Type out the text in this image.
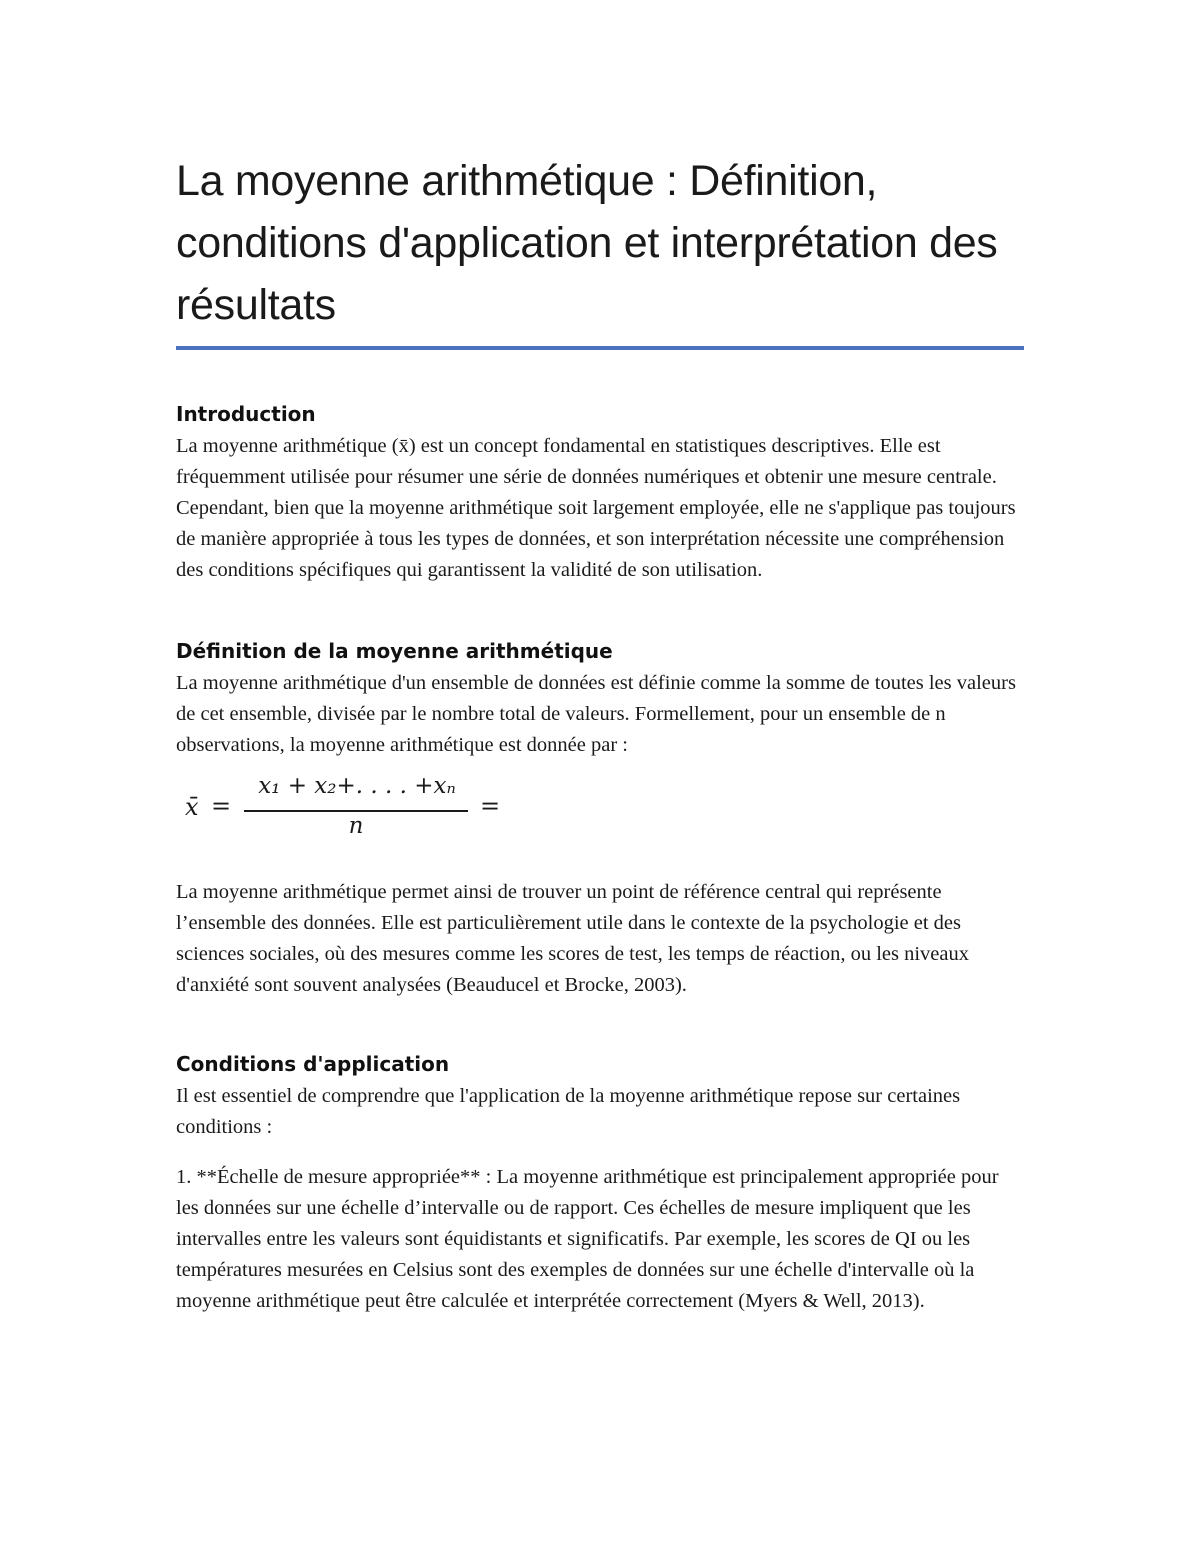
La moyenne arithmétique : Définition, conditions d'application et interprétation des résultats
Introduction

La moyenne arithmétique (x̄) est un concept fondamental en statistiques descriptives. Elle est fréquemment utilisée pour résumer une série de données numériques et obtenir une mesure centrale. Cependant, bien que la moyenne arithmétique soit largement employée, elle ne s'applique pas toujours de manière appropriée à tous les types de données, et son interprétation nécessite une compréhension des conditions spécifiques qui garantissent la validité de son utilisation.

Définition de la moyenne arithmétique

La moyenne arithmétique d'un ensemble de données est définie comme la somme de toutes les valeurs de cet ensemble, divisée par le nombre total de valeurs. Formellement, pour un ensemble de n observations, la moyenne arithmétique est donnée par :

x̄ =
x₁ + x₂+. . . . +xₙ
n
=

La moyenne arithmétique permet ainsi de trouver un point de référence central qui représente l’ensemble des données. Elle est particulièrement utile dans le contexte de la psychologie et des sciences sociales, où des mesures comme les scores de test, les temps de réaction, ou les niveaux d'anxiété sont souvent analysées (Beauducel et Brocke, 2003).

Conditions d'application

Il est essentiel de comprendre que l'application de la moyenne arithmétique repose sur certaines conditions :

1. **Échelle de mesure appropriée** : La moyenne arithmétique est principalement appropriée pour les données sur une échelle d’intervalle ou de rapport. Ces échelles de mesure impliquent que les intervalles entre les valeurs sont équidistants et significatifs. Par exemple, les scores de QI ou les températures mesurées en Celsius sont des exemples de données sur une échelle d'intervalle où la moyenne arithmétique peut être calculée et interprétée correctement (Myers & Well, 2013).
